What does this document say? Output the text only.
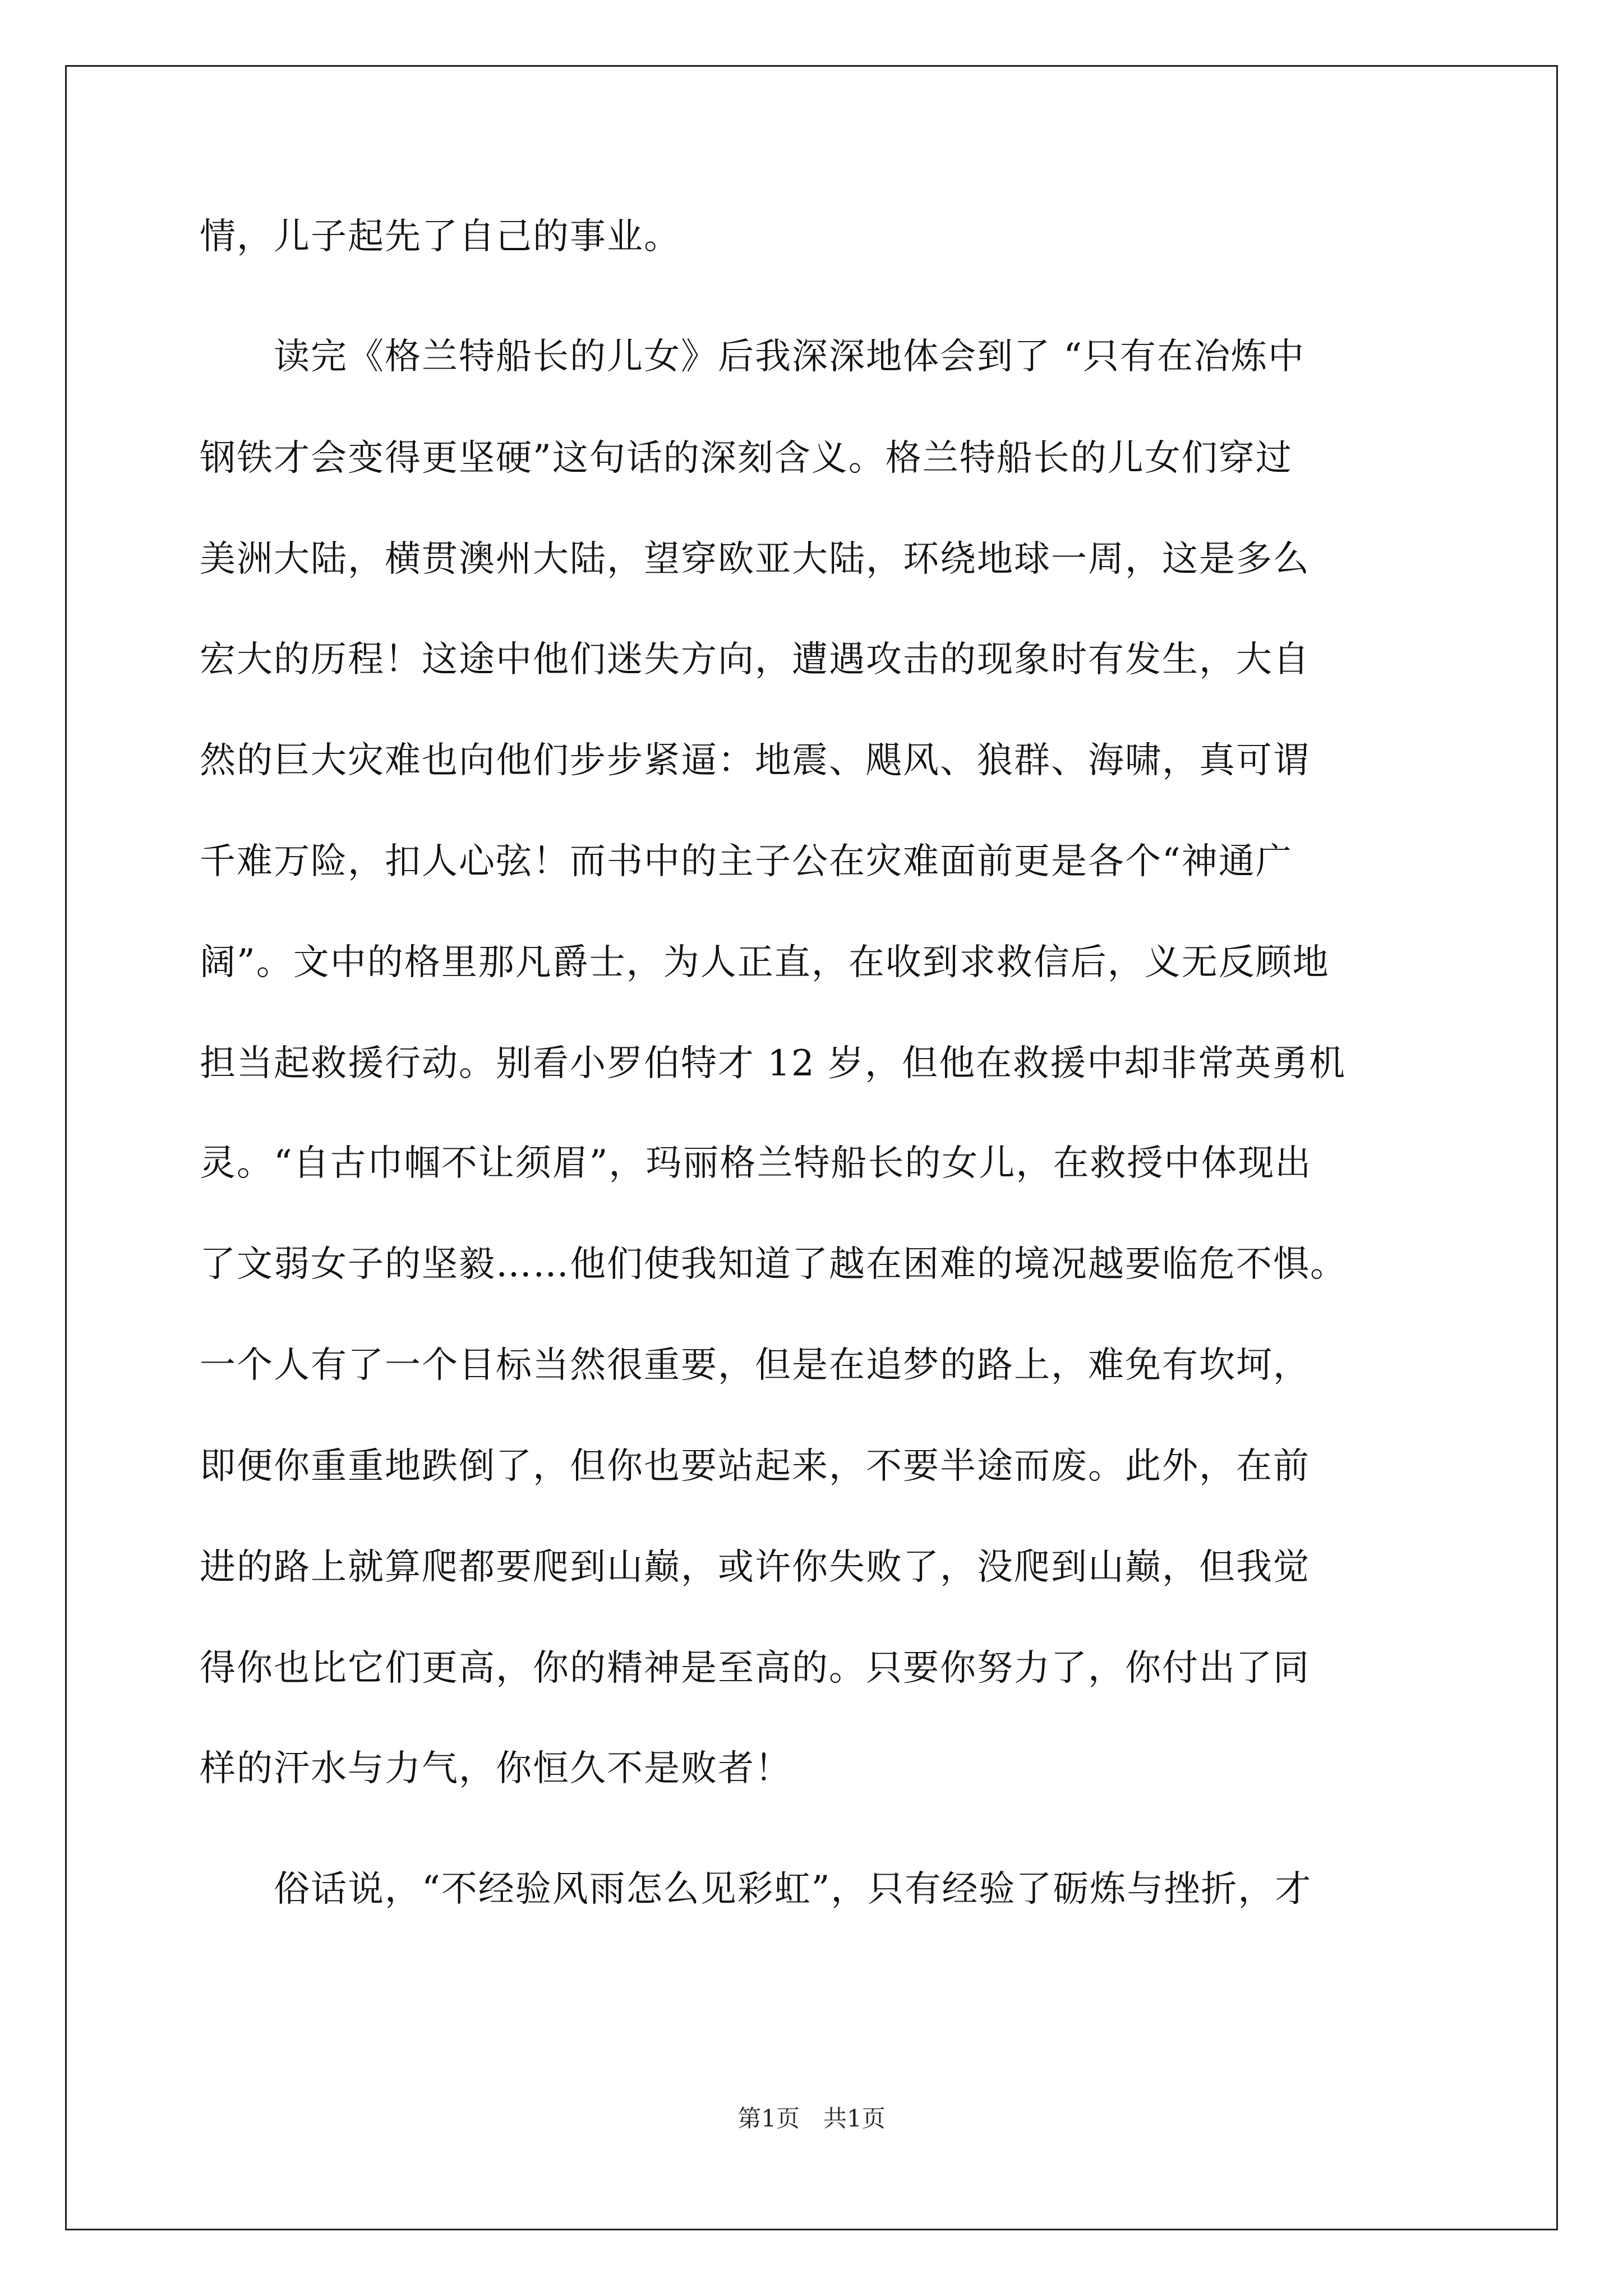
情，儿子起先了自己的事业。
　　读完《格兰特船长的儿女》后我深深地体会到了 “只有在冶炼中
钢铁才会变得更坚硬”这句话的深刻含义。格兰特船长的儿女们穿过
美洲大陆，横贯澳州大陆，望穿欧亚大陆，环绕地球一周，这是多么
宏大的历程！这途中他们迷失方向，遭遇攻击的现象时有发生，大自
然的巨大灾难也向他们步步紧逼：地震、飓风、狼群、海啸，真可谓
千难万险，扣人心弦！而书中的主子公在灾难面前更是各个“神通广
阔”。文中的格里那凡爵士，为人正直，在收到求救信后，义无反顾地
担当起救援行动。别看小罗伯特才 12 岁，但他在救援中却非常英勇机
灵。“自古巾帼不让须眉”，玛丽格兰特船长的女儿，在救授中体现出
了文弱女子的坚毅……他们使我知道了越在困难的境况越要临危不惧。
一个人有了一个目标当然很重要，但是在追梦的路上，难免有坎坷，
即便你重重地跌倒了，但你也要站起来，不要半途而废。此外，在前
进的路上就算爬都要爬到山巅，或许你失败了，没爬到山巅，但我觉
得你也比它们更高，你的精神是至高的。只要你努力了，你付出了同
样的汗水与力气，你恒久不是败者！
　　俗话说，“不经验风雨怎么见彩虹”，只有经验了砺炼与挫折，才
第1页　共1页
